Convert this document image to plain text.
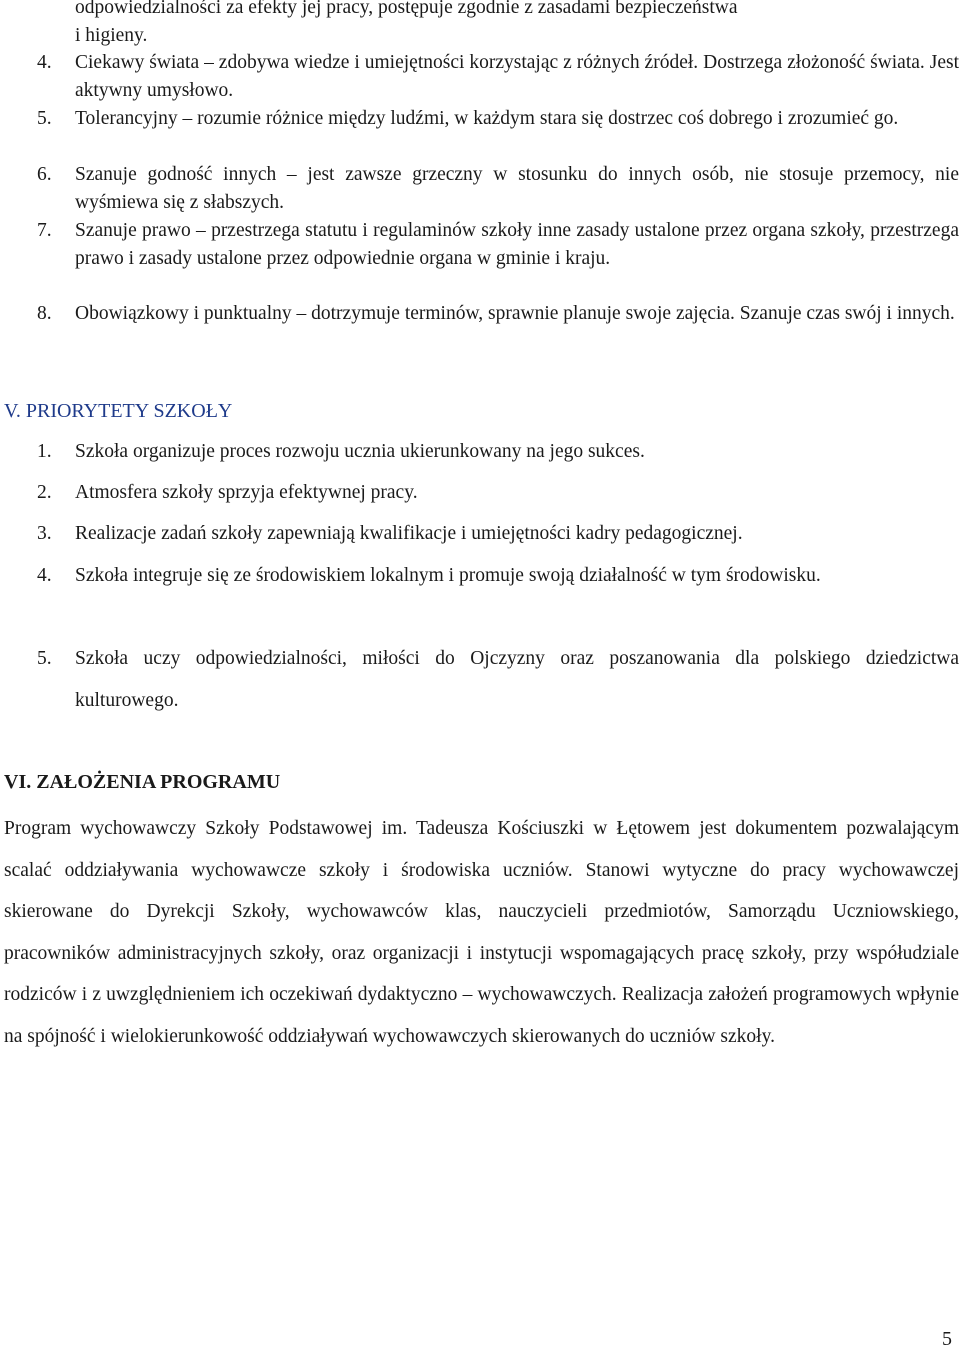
odpowiedzialności za efekty jej pracy, postępuje zgodnie z zasadami bezpieczeństwa
i higieny.
4.	Ciekawy świata – zdobywa wiedze i umiejętności korzystając z różnych źródeł. Dostrzega złożoność świata. Jest aktywny umysłowo.
5.	Tolerancyjny – rozumie różnice między ludźmi, w każdym stara się dostrzec coś dobrego i zrozumieć go.
6.	Szanuje godność innych – jest zawsze grzeczny w stosunku do innych osób, nie stosuje przemocy, nie wyśmiewa się z słabszych.
7.	Szanuje prawo – przestrzega statutu i regulaminów szkoły inne zasady ustalone przez organa szkoły, przestrzega prawo i zasady ustalone przez odpowiednie organa w gminie i kraju.
8.	Obowiązkowy i punktualny – dotrzymuje terminów, sprawnie planuje swoje zajęcia. Szanuje czas swój i innych.
V. PRIORYTETY SZKOŁY
1.	Szkoła organizuje proces rozwoju ucznia ukierunkowany na jego sukces.
2.	Atmosfera szkoły sprzyja efektywnej pracy.
3.	Realizacje zadań szkoły zapewniają kwalifikacje i umiejętności kadry pedagogicznej.
4.	Szkoła integruje się ze środowiskiem lokalnym i promuje swoją działalność w tym środowisku.
5.	Szkoła uczy odpowiedzialności, miłości do Ojczyzny oraz poszanowania dla polskiego dziedzictwa kulturowego.
VI. ZAŁOŻENIA PROGRAMU
Program wychowawczy Szkoły Podstawowej im. Tadeusza Kościuszki w Łętowem jest dokumentem pozwalającym scalać oddziaływania wychowawcze szkoły i środowiska uczniów. Stanowi wytyczne do pracy wychowawczej skierowane do Dyrekcji Szkoły, wychowawców klas, nauczycieli przedmiotów, Samorządu Uczniowskiego, pracowników administracyjnych szkoły, oraz organizacji i instytucji wspomagających pracę szkoły, przy współudziale rodziców i z uwzględnieniem ich oczekiwań dydaktyczno – wychowawczych. Realizacja założeń programowych wpłynie na spójność i wielokierunkowość oddziaływań wychowawczych skierowanych do uczniów szkoły.
5
